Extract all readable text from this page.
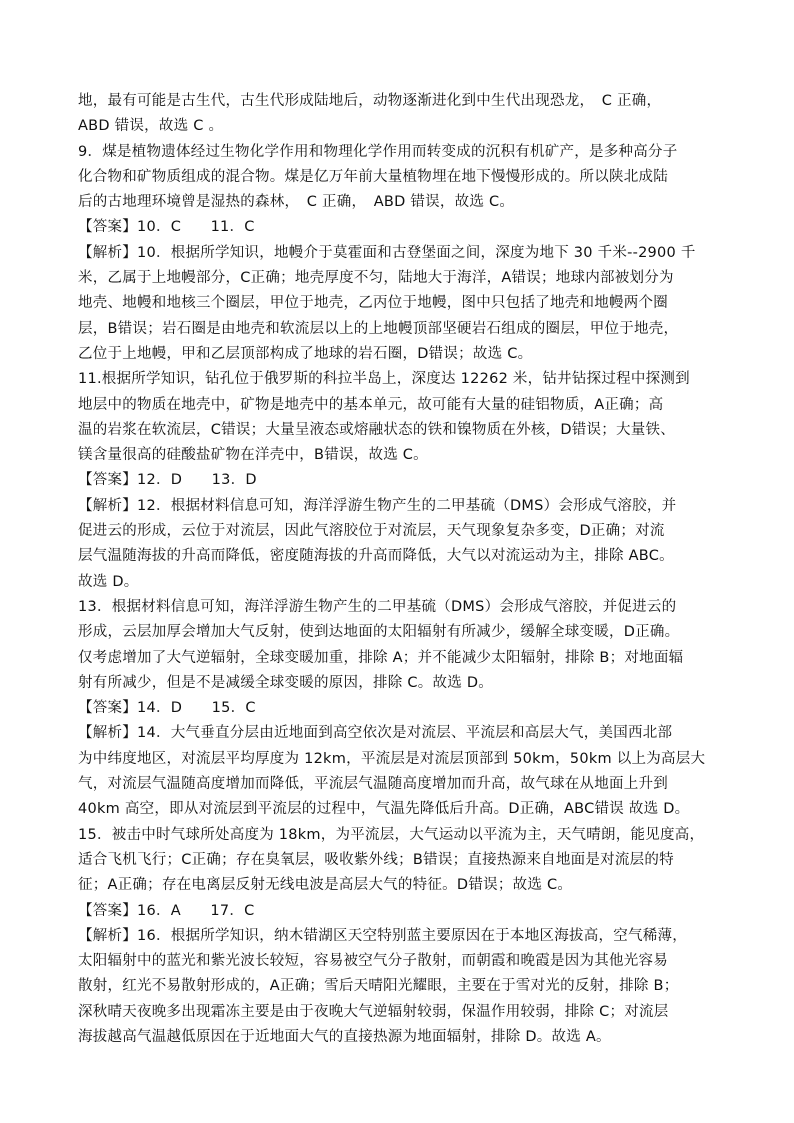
地，最有可能是古生代，古生代形成陆地后，动物逐渐进化到中生代出现恐龙，　C 正确，
ABD 错误，故选 C 。
9．煤是植物遗体经过生物化学作用和物理化学作用而转变成的沉积有机矿产，是多种高分子
化合物和矿物质组成的混合物。煤是亿万年前大量植物埋在地下慢慢形成的。所以陕北成陆
后的古地理环境曾是湿热的森林，　C 正确，　ABD 错误，故选 C。
【答案】10．C　　11．C
【解析】10．根据所学知识，地幔介于莫霍面和古登堡面之间，深度为地下 30 千米--2900 千
米，乙属于上地幔部分，C正确；地壳厚度不匀，陆地大于海洋，A错误；地球内部被划分为
地壳、地幔和地核三个圈层，甲位于地壳，乙丙位于地幔，图中只包括了地壳和地幔两个圈
层，B错误；岩石圈是由地壳和软流层以上的上地幔顶部坚硬岩石组成的圈层，甲位于地壳，
乙位于上地幔，甲和乙层顶部构成了地球的岩石圈，D错误；故选 C。
11.根据所学知识，钻孔位于俄罗斯的科拉半岛上，深度达 12262 米，钻井钻探过程中探测到
地层中的物质在地壳中，矿物是地壳中的基本单元，故可能有大量的硅铝物质，A正确；高
温的岩浆在软流层，C错误；大量呈液态或熔融状态的铁和镍物质在外核，D错误；大量铁、
镁含量很高的硅酸盐矿物在洋壳中，B错误，故选 C。
【答案】12．D　　13．D
【解析】12．根据材料信息可知，海洋浮游生物产生的二甲基硫（DMS）会形成气溶胶，并
促进云的形成，云位于对流层，因此气溶胶位于对流层，天气现象复杂多变，D正确；对流
层气温随海拔的升高而降低，密度随海拔的升高而降低，大气以对流运动为主，排除 ABC。
故选 D。
13．根据材料信息可知，海洋浮游生物产生的二甲基硫（DMS）会形成气溶胶，并促进云的
形成，云层加厚会增加大气反射，使到达地面的太阳辐射有所减少，缓解全球变暖，D正确。
仅考虑增加了大气逆辐射，全球变暖加重，排除 A；并不能减少太阳辐射，排除 B；对地面辐
射有所减少，但是不是减缓全球变暖的原因，排除 C。故选 D。
【答案】14．D　　15．C
【解析】14．大气垂直分层由近地面到高空依次是对流层、平流层和高层大气，美国西北部
为中纬度地区，对流层平均厚度为 12km，平流层是对流层顶部到 50km，50km 以上为高层大
气，对流层气温随高度增加而降低，平流层气温随高度增加而升高，故气球在从地面上升到
40km 高空，即从对流层到平流层的过程中，气温先降低后升高。D正确，ABC错误 故选 D。
15．被击中时气球所处高度为 18km，为平流层，大气运动以平流为主，天气晴朗，能见度高，
适合飞机飞行；C正确；存在臭氧层，吸收紫外线；B错误；直接热源来自地面是对流层的特
征；A正确；存在电离层反射无线电波是高层大气的特征。D错误；故选 C。
【答案】16．A　　17．C
【解析】16．根据所学知识，纳木错湖区天空特别蓝主要原因在于本地区海拔高，空气稀薄，
太阳辐射中的蓝光和紫光波长较短，容易被空气分子散射，而朝霞和晚霞是因为其他光容易
散射，红光不易散射形成的，A正确；雪后天晴阳光耀眼，主要在于雪对光的反射，排除 B；
深秋晴天夜晚多出现霜冻主要是由于夜晚大气逆辐射较弱，保温作用较弱，排除 C；对流层
海拔越高气温越低原因在于近地面大气的直接热源为地面辐射，排除 D。故选 A。
